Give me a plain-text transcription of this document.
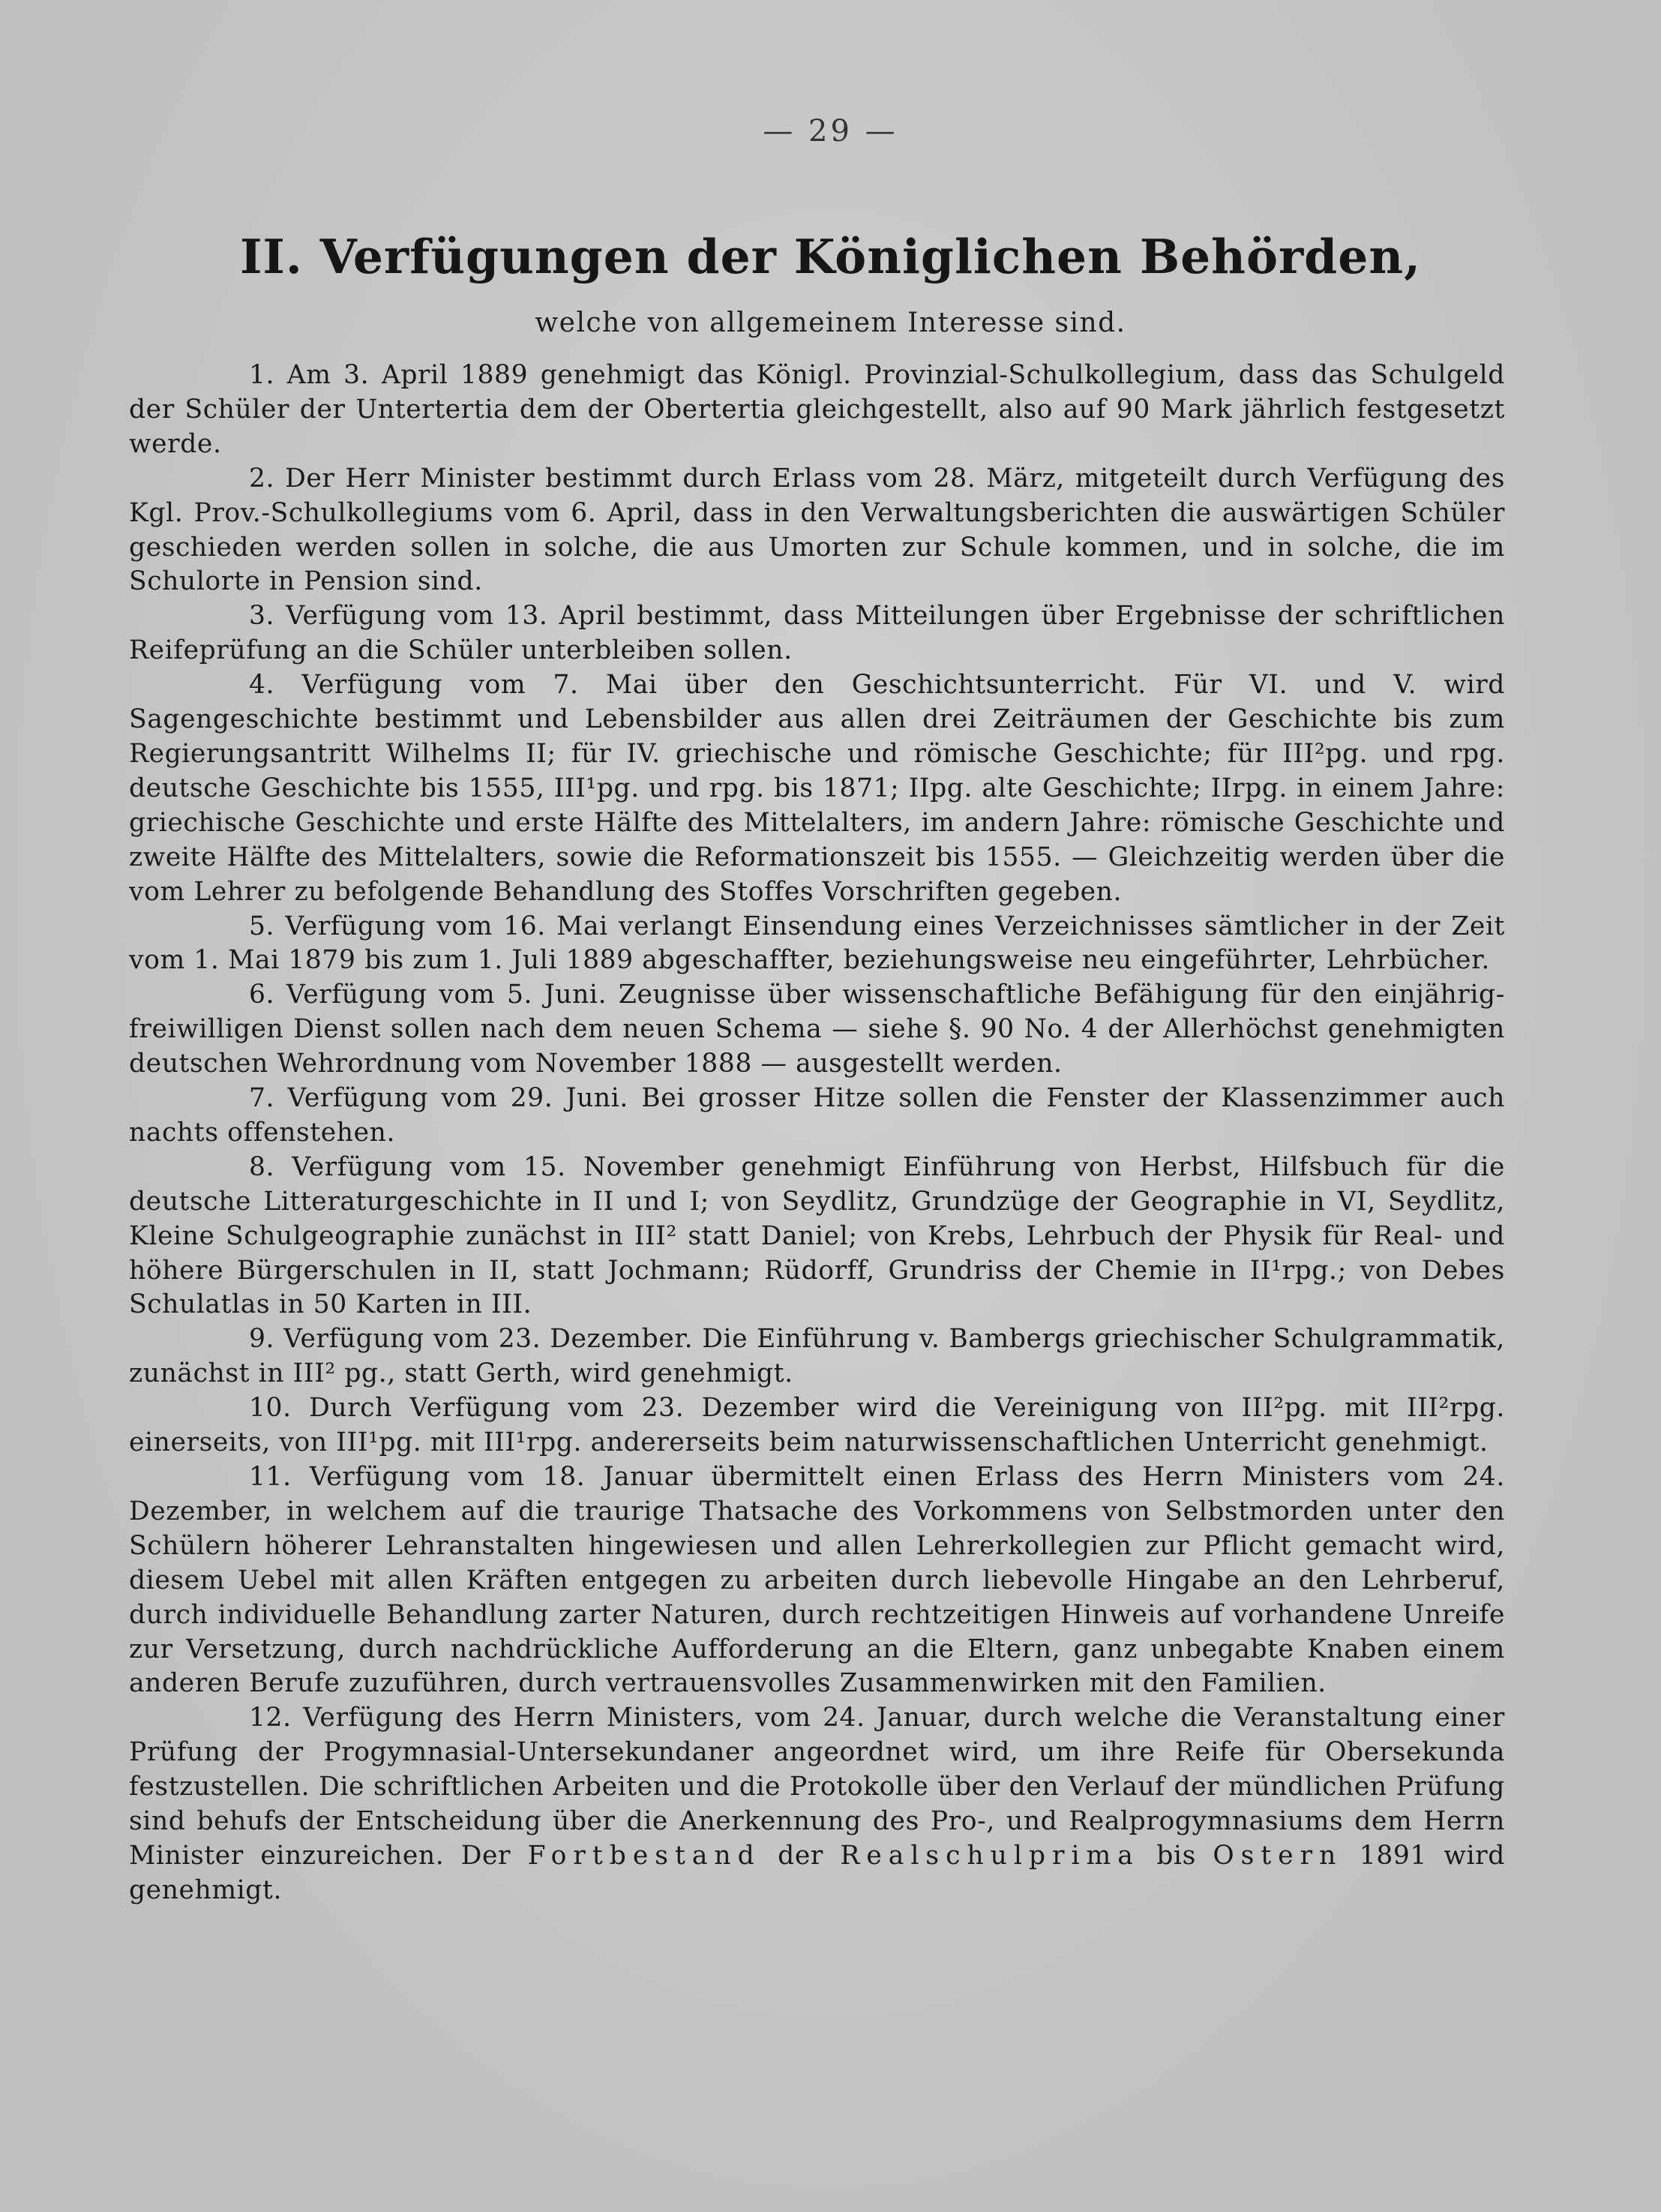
— 29 —
II. Verfügungen der Königlichen Behörden,
welche von allgemeinem Interesse sind.

1. Am 3. April 1889 genehmigt das Königl. Provinzial-Schulkollegium, dass das Schulgeld der Schüler der Untertertia dem der Obertertia gleichgestellt, also auf 90 Mark jährlich festgesetzt werde.

2. Der Herr Minister bestimmt durch Erlass vom 28. März, mitgeteilt durch Verfügung des Kgl. Prov.-Schulkollegiums vom 6. April, dass in den Verwaltungsberichten die auswärtigen Schüler geschieden werden sollen in solche, die aus Umorten zur Schule kommen, und in solche, die im Schulorte in Pension sind.

3. Verfügung vom 13. April bestimmt, dass Mitteilungen über Ergebnisse der schriftlichen Reifeprüfung an die Schüler unterbleiben sollen.

4. Verfügung vom 7. Mai über den Geschichtsunterricht. Für VI. und V. wird Sagengeschichte bestimmt und Lebensbilder aus allen drei Zeiträumen der Geschichte bis zum Regierungsantritt Wilhelms II; für IV. griechische und römische Geschichte; für III²pg. und rpg. deutsche Geschichte bis 1555, III¹pg. und rpg. bis 1871; IIpg. alte Geschichte; IIrpg. in einem Jahre: griechische Geschichte und erste Hälfte des Mittelalters, im andern Jahre: römische Geschichte und zweite Hälfte des Mittelalters, sowie die Reformationszeit bis 1555. — Gleichzeitig werden über die vom Lehrer zu befolgende Behandlung des Stoffes Vorschriften gegeben.

5. Verfügung vom 16. Mai verlangt Einsendung eines Verzeichnisses sämtlicher in der Zeit vom 1. Mai 1879 bis zum 1. Juli 1889 abgeschaffter, beziehungsweise neu eingeführter, Lehrbücher.

6. Verfügung vom 5. Juni. Zeugnisse über wissenschaftliche Befähigung für den einjährig-freiwilligen Dienst sollen nach dem neuen Schema — siehe §. 90 No. 4 der Allerhöchst genehmigten deutschen Wehrordnung vom November 1888 — ausgestellt werden.

7. Verfügung vom 29. Juni. Bei grosser Hitze sollen die Fenster der Klassenzimmer auch nachts offenstehen.

8. Verfügung vom 15. November genehmigt Einführung von Herbst, Hilfsbuch für die deutsche Litteraturgeschichte in II und I; von Seydlitz, Grundzüge der Geographie in VI, Seydlitz, Kleine Schulgeographie zunächst in III² statt Daniel; von Krebs, Lehrbuch der Physik für Real- und höhere Bürgerschulen in II, statt Jochmann; Rüdorff, Grundriss der Chemie in II¹rpg.; von Debes Schulatlas in 50 Karten in III.

9. Verfügung vom 23. Dezember. Die Einführung v. Bambergs griechischer Schulgrammatik, zunächst in III² pg., statt Gerth, wird genehmigt.

10. Durch Verfügung vom 23. Dezember wird die Vereinigung von III²pg. mit III²rpg. einerseits, von III¹pg. mit III¹rpg. andererseits beim naturwissenschaftlichen Unterricht genehmigt.

11. Verfügung vom 18. Januar übermittelt einen Erlass des Herrn Ministers vom 24. Dezember, in welchem auf die traurige Thatsache des Vorkommens von Selbstmorden unter den Schülern höherer Lehranstalten hingewiesen und allen Lehrerkollegien zur Pflicht gemacht wird, diesem Uebel mit allen Kräften entgegen zu arbeiten durch liebevolle Hingabe an den Lehrberuf, durch individuelle Behandlung zarter Naturen, durch rechtzeitigen Hinweis auf vorhandene Unreife zur Versetzung, durch nachdrückliche Aufforderung an die Eltern, ganz unbegabte Knaben einem anderen Berufe zuzuführen, durch vertrauensvolles Zusammenwirken mit den Familien.

12. Verfügung des Herrn Ministers, vom 24. Januar, durch welche die Veranstaltung einer Prüfung der Progymnasial-Untersekundaner angeordnet wird, um ihre Reife für Obersekunda festzustellen. Die schriftlichen Arbeiten und die Protokolle über den Verlauf der mündlichen Prüfung sind behufs der Entscheidung über die Anerkennung des Pro-, und Realprogymnasiums dem Herrn Minister einzureichen. Der Fortbestand der Realschulprima bis Ostern 1891 wird genehmigt.
